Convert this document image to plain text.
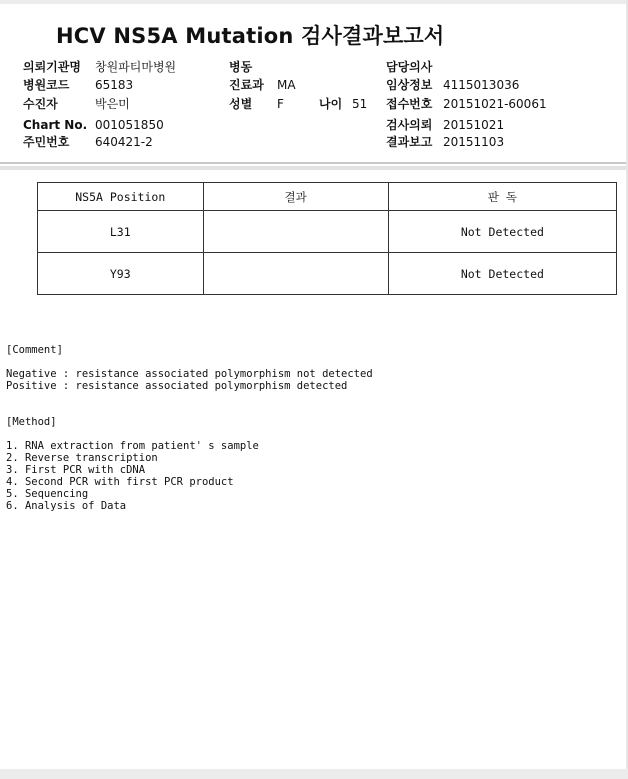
HCV NS5A Mutation 검사결과보고서
의뢰기관명 창원파티마병원
병원코드 65183
수진자	박은미
Chart No. 001051850
주민번호 640421-2
병동
진료과 MA
성별 F	나이 51
담당의사
임상정보 4115013036
접수번호 20151021-60061
검사의뢰 20151021
결과보고 20151103
NS5A Position	결과	판 독
L31		Not Detected
Y93		Not Detected
[Comment]
Negative : resistance associated polymorphism not detected
Positive : resistance associated polymorphism detected
[Method]
1. RNA extraction from patient' s sample
2. Reverse transcription
3. First PCR with cDNA
4. Second PCR with first PCR product
5. Sequencing
6. Analysis of Data
